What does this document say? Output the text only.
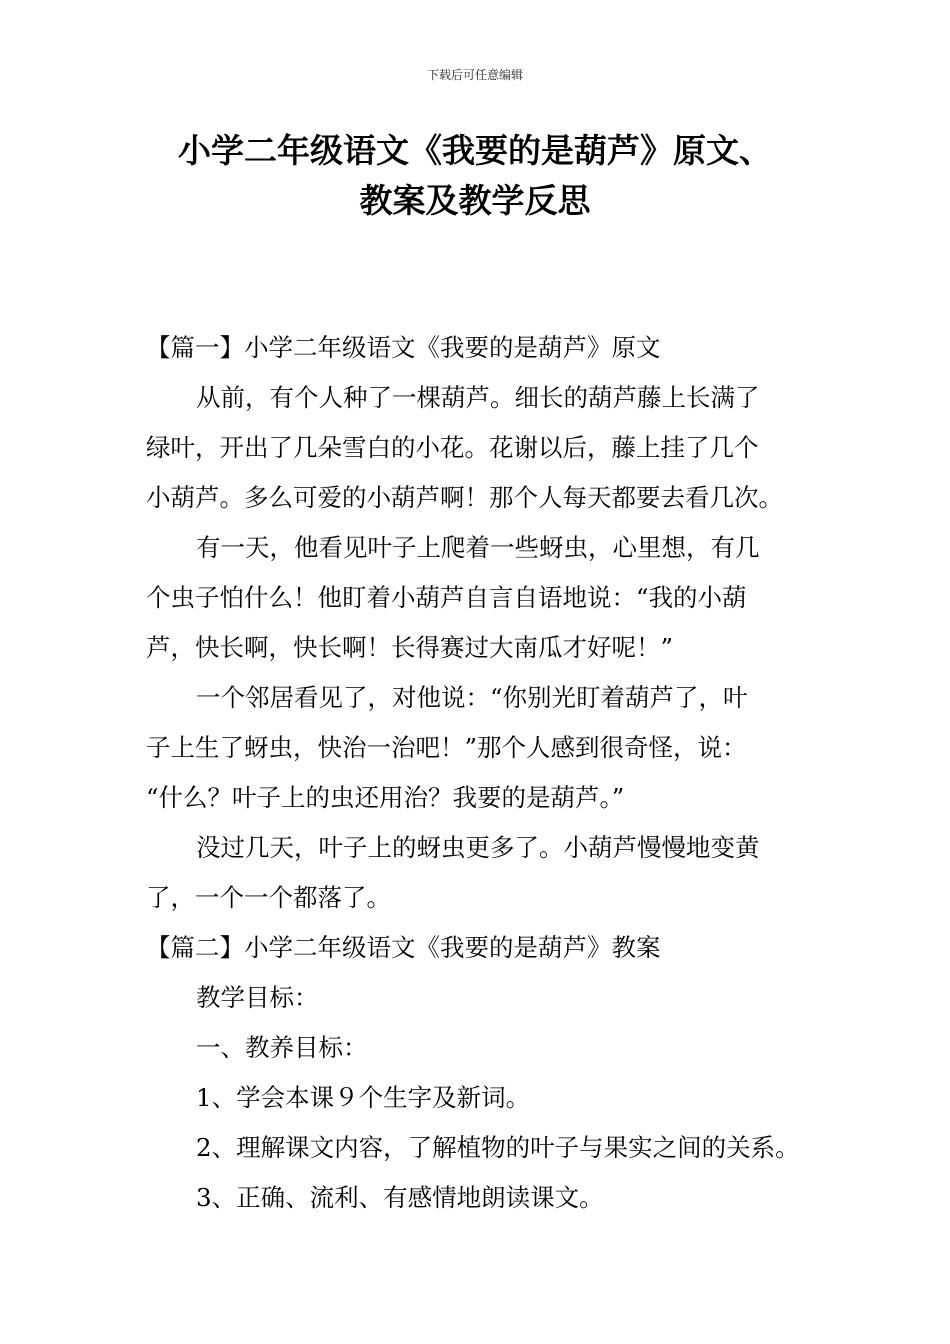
下载后可任意编辑
小学二年级语文《我要的是葫芦》原文、
教案及教学反思

【篇一】小学二年级语文《我要的是葫芦》原文

从前，有个人种了一棵葫芦。细长的葫芦藤上长满了

绿叶，开出了几朵雪白的小花。花谢以后，藤上挂了几个

小葫芦。多么可爱的小葫芦啊！那个人每天都要去看几次。

有一天，他看见叶子上爬着一些蚜虫，心里想，有几

个虫子怕什么！他盯着小葫芦自言自语地说：“我的小葫

芦，快长啊，快长啊！长得赛过大南瓜才好呢！”

一个邻居看见了，对他说：“你别光盯着葫芦了，叶

子上生了蚜虫，快治一治吧！”那个人感到很奇怪，说：

“什么？叶子上的虫还用治？我要的是葫芦。”

没过几天，叶子上的蚜虫更多了。小葫芦慢慢地变黄

了，一个一个都落了。

【篇二】小学二年级语文《我要的是葫芦》教案

教学目标：

一、教养目标：

1、学会本课９个生字及新词。

2、理解课文内容，了解植物的叶子与果实之间的关系。

3、正确、流利、有感情地朗读课文。
